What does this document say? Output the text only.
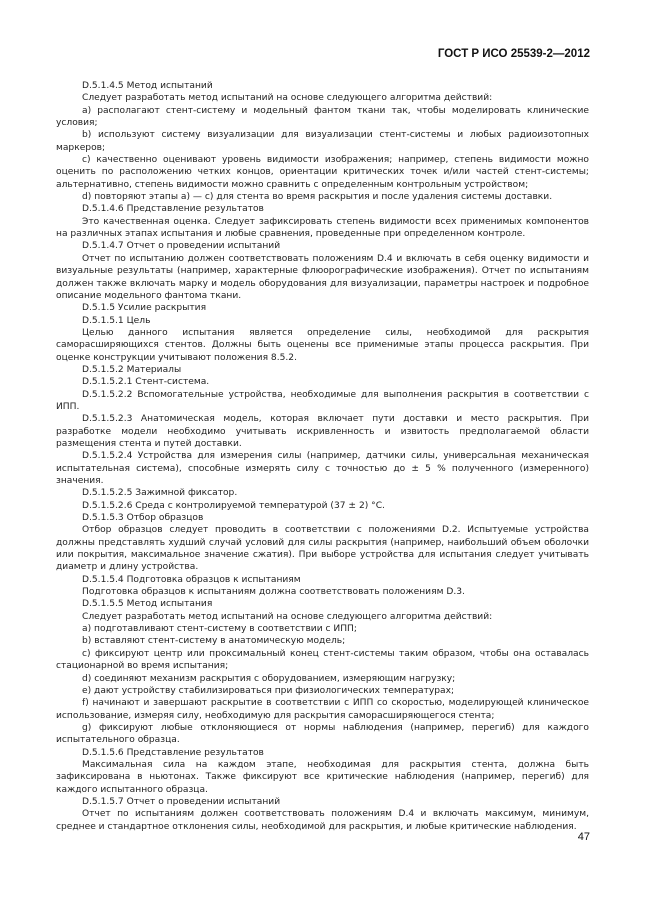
ГОСТ Р ИСО 25539-2—2012

D.5.1.4.5 Метод испытаний

Следует разработать метод испытаний на основе следующего алгоритма действий:

a) располагают стент-систему и модельный фантом ткани так, чтобы моделировать клинические условия;

b) используют систему визуализации для визуализации стент-системы и любых радиоизотопных маркеров;

c) качественно оценивают уровень видимости изображения; например, степень видимости можно оценить по расположению четких концов, ориентации критических точек и/или частей стент-системы; альтернативно, степень видимости можно сравнить с определенным контрольным устройством;

d) повторяют этапы а) — с) для стента во время раскрытия и после удаления системы доставки.

D.5.1.4.6 Представление результатов

Это качественная оценка. Следует зафиксировать степень видимости всех применимых компонентов на различных этапах испытания и любые сравнения, проведенные при определенном контроле.

D.5.1.4.7 Отчет о проведении испытаний

Отчет по испытанию должен соответствовать положениям D.4 и включать в себя оценку видимости и визуальные результаты (например, характерные флюорографические изображения). Отчет по испытаниям должен также включать марку и модель оборудования для визуализации, параметры настроек и подробное описание модельного фантома ткани.

D.5.1.5 Усилие раскрытия

D.5.1.5.1 Цель

Целью данного испытания является определение силы, необходимой для раскрытия саморасширяющихся стентов. Должны быть оценены все применимые этапы процесса раскрытия. При оценке конструкции учитывают положения 8.5.2.

D.5.1.5.2 Материалы

D.5.1.5.2.1 Стент-система.

D.5.1.5.2.2 Вспомогательные устройства, необходимые для выполнения раскрытия в соответствии с ИПП.

D.5.1.5.2.3 Анатомическая модель, которая включает пути доставки и место раскрытия. При разработке модели необходимо учитывать искривленность и извитость предполагаемой области размещения стента и путей доставки.

D.5.1.5.2.4 Устройства для измерения силы (например, датчики силы, универсальная механическая испытательная система), способные измерять силу с точностью до ± 5 % полученного (измеренного) значения.

D.5.1.5.2.5 Зажимной фиксатор.

D.5.1.5.2.6 Среда с контролируемой температурой (37 ± 2) °C.

D.5.1.5.3 Отбор образцов

Отбор образцов следует проводить в соответствии с положениями D.2. Испытуемые устройства должны представлять худший случай условий для силы раскрытия (например, наибольший объем оболочки или покрытия, максимальное значение сжатия). При выборе устройства для испытания следует учитывать диаметр и длину устройства.

D.5.1.5.4 Подготовка образцов к испытаниям

Подготовка образцов к испытаниям должна соответствовать положениям D.3.

D.5.1.5.5 Метод испытания

Следует разработать метод испытаний на основе следующего алгоритма действий:

a) подготавливают стент-систему в соответствии с ИПП;

b) вставляют стент-систему в анатомическую модель;

c) фиксируют центр или проксимальный конец стент-системы таким образом, чтобы она оставалась стационарной во время испытания;

d) соединяют механизм раскрытия с оборудованием, измеряющим нагрузку;

e) дают устройству стабилизироваться при физиологических температурах;

f) начинают и завершают раскрытие в соответствии с ИПП со скоростью, моделирующей клиническое использование, измеряя силу, необходимую для раскрытия саморасширяющегося стента;

g) фиксируют любые отклоняющиеся от нормы наблюдения (например, перегиб) для каждого испытательного образца.

D.5.1.5.6 Представление результатов

Максимальная сила на каждом этапе, необходимая для раскрытия стента, должна быть зафиксирована в ньютонах. Также фиксируют все критические наблюдения (например, перегиб) для каждого испытанного образца.

D.5.1.5.7 Отчет о проведении испытаний

Отчет по испытаниям должен соответствовать положениям D.4 и включать максимум, минимум, среднее и стандартное отклонения силы, необходимой для раскрытия, и любые критические наблюдения.

47
